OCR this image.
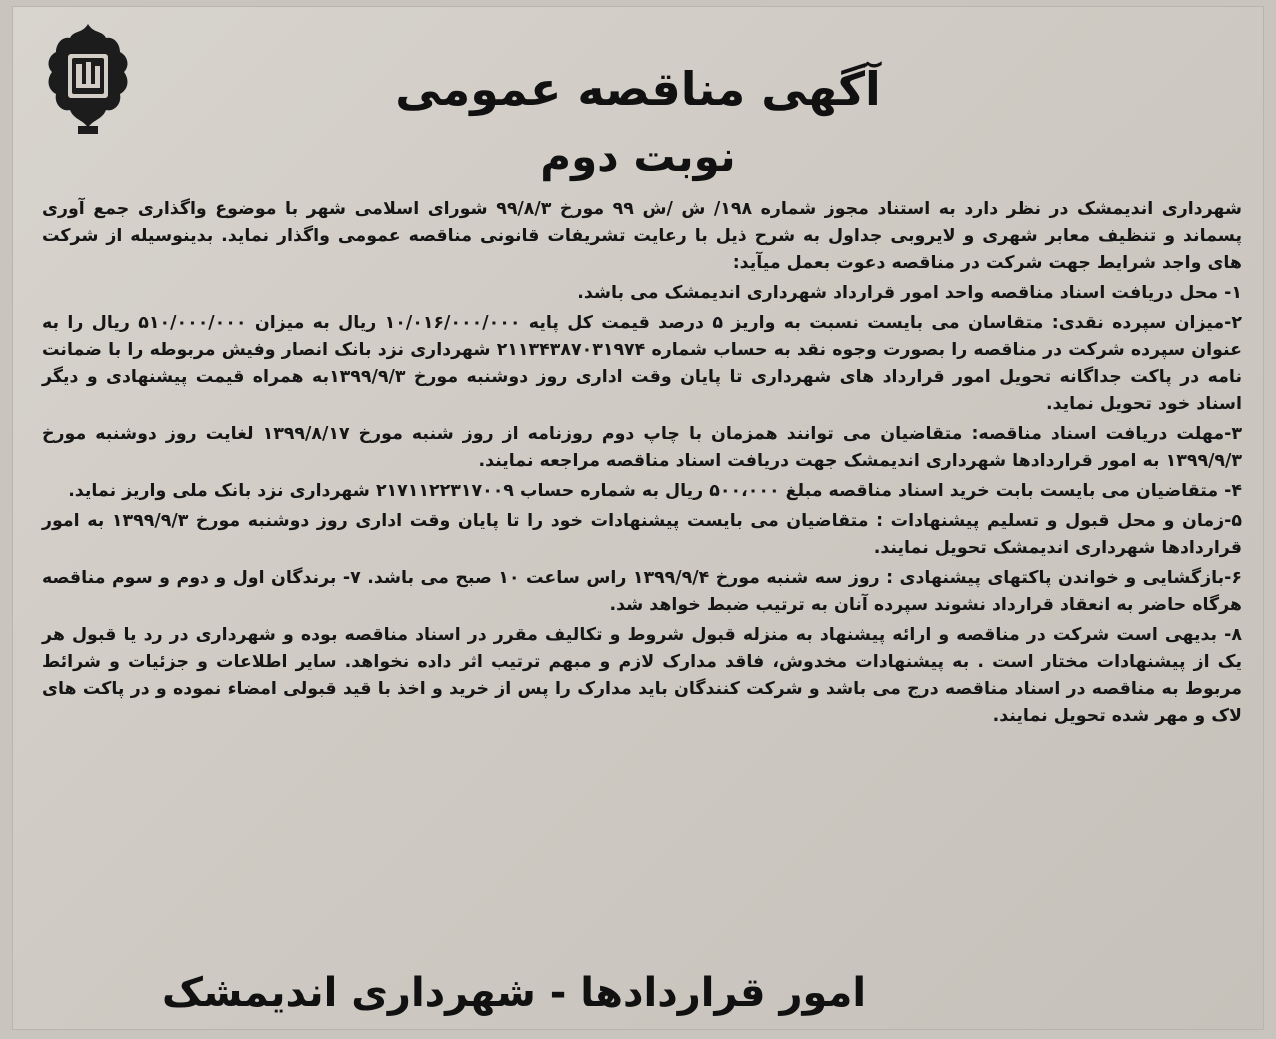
آگهی مناقصه عمومی
نوبت دوم

شهرداری اندیمشک در نظر دارد به استناد مجوز شماره ۱۹۸/ ش /ش ۹۹ مورخ ۹۹/۸/۳ شورای اسلامی شهر با موضوع واگذاری جمع آوری پسماند و تنظیف معابر شهری و لایروبی جداول به شرح ذیل با رعایت تشریفات قانونی مناقصه عمومی واگذار نماید. بدینوسیله از شرکت های واجد شرایط جهت شرکت در مناقصه دعوت بعمل میآید:

۱- محل دریافت اسناد مناقصه واحد امور قرارداد شهرداری اندیمشک می باشد.

۲-میزان سپرده نقدی: متقاسان می بایست نسبت به واریز ۵ درصد قیمت کل پایه ۱۰/۰۱۶/۰۰۰/۰۰۰ ریال به میزان ۵۱۰/۰۰۰/۰۰۰ ریال را به عنوان سپرده شرکت در مناقصه را بصورت وجوه نقد به حساب شماره ۲۱۱۳۴۳۸۷۰۳۱۹۷۴ شهرداری نزد بانک انصار وفیش مربوطه را با ضمانت نامه در پاکت جداگانه تحویل امور قرارداد های شهرداری تا پایان وقت اداری روز دوشنبه مورخ ۱۳۹۹/۹/۳به همراه قیمت پیشنهادی و دیگر اسناد خود تحویل نماید.

۳-مهلت دریافت اسناد مناقصه: متقاضیان می توانند همزمان با چاپ دوم روزنامه از روز شنبه مورخ ۱۳۹۹/۸/۱۷ لغایت روز دوشنبه مورخ ۱۳۹۹/۹/۳ به امور قراردادها شهرداری اندیمشک جهت دریافت اسناد مناقصه مراجعه نمایند.

۴- متقاضیان می بایست بابت خرید اسناد مناقصه مبلغ ۵۰۰،۰۰۰ ریال به شماره حساب ۲۱۷۱۱۲۲۳۱۷۰۰۹ شهرداری نزد بانک ملی واریز نماید.

۵-زمان و محل قبول و تسلیم پیشنهادات : متقاضیان می بایست پیشنهادات خود را تا پایان وقت اداری روز دوشنبه مورخ ۱۳۹۹/۹/۳ به امور قراردادها شهرداری اندیمشک تحویل نمایند.

۶-بازگشایی و خواندن پاکتهای پیشنهادی : روز سه شنبه مورخ ۱۳۹۹/۹/۴ راس ساعت ۱۰ صبح می باشد. ۷- برندگان اول و دوم و سوم مناقصه هرگاه حاضر به انعقاد قرارداد نشوند سپرده آنان به ترتیب ضبط خواهد شد.

۸- بدیهی است شرکت در مناقصه و ارائه پیشنهاد به منزله قبول شروط و تکالیف مقرر در اسناد مناقصه بوده و شهرداری در رد یا قبول هر یک از پیشنهادات مختار است . به پیشنهادات مخدوش، فاقد مدارک لازم و مبهم ترتیب اثر داده نخواهد. سایر اطلاعات و جزئیات و شرائط مربوط به مناقصه در اسناد مناقصه درج می باشد و شرکت کنندگان باید مدارک را پس از خرید و اخذ با قید قبولی امضاء نموده و در پاکت های لاک و مهر شده تحویل نمایند.

امور قراردادها - شهرداری اندیمشک
